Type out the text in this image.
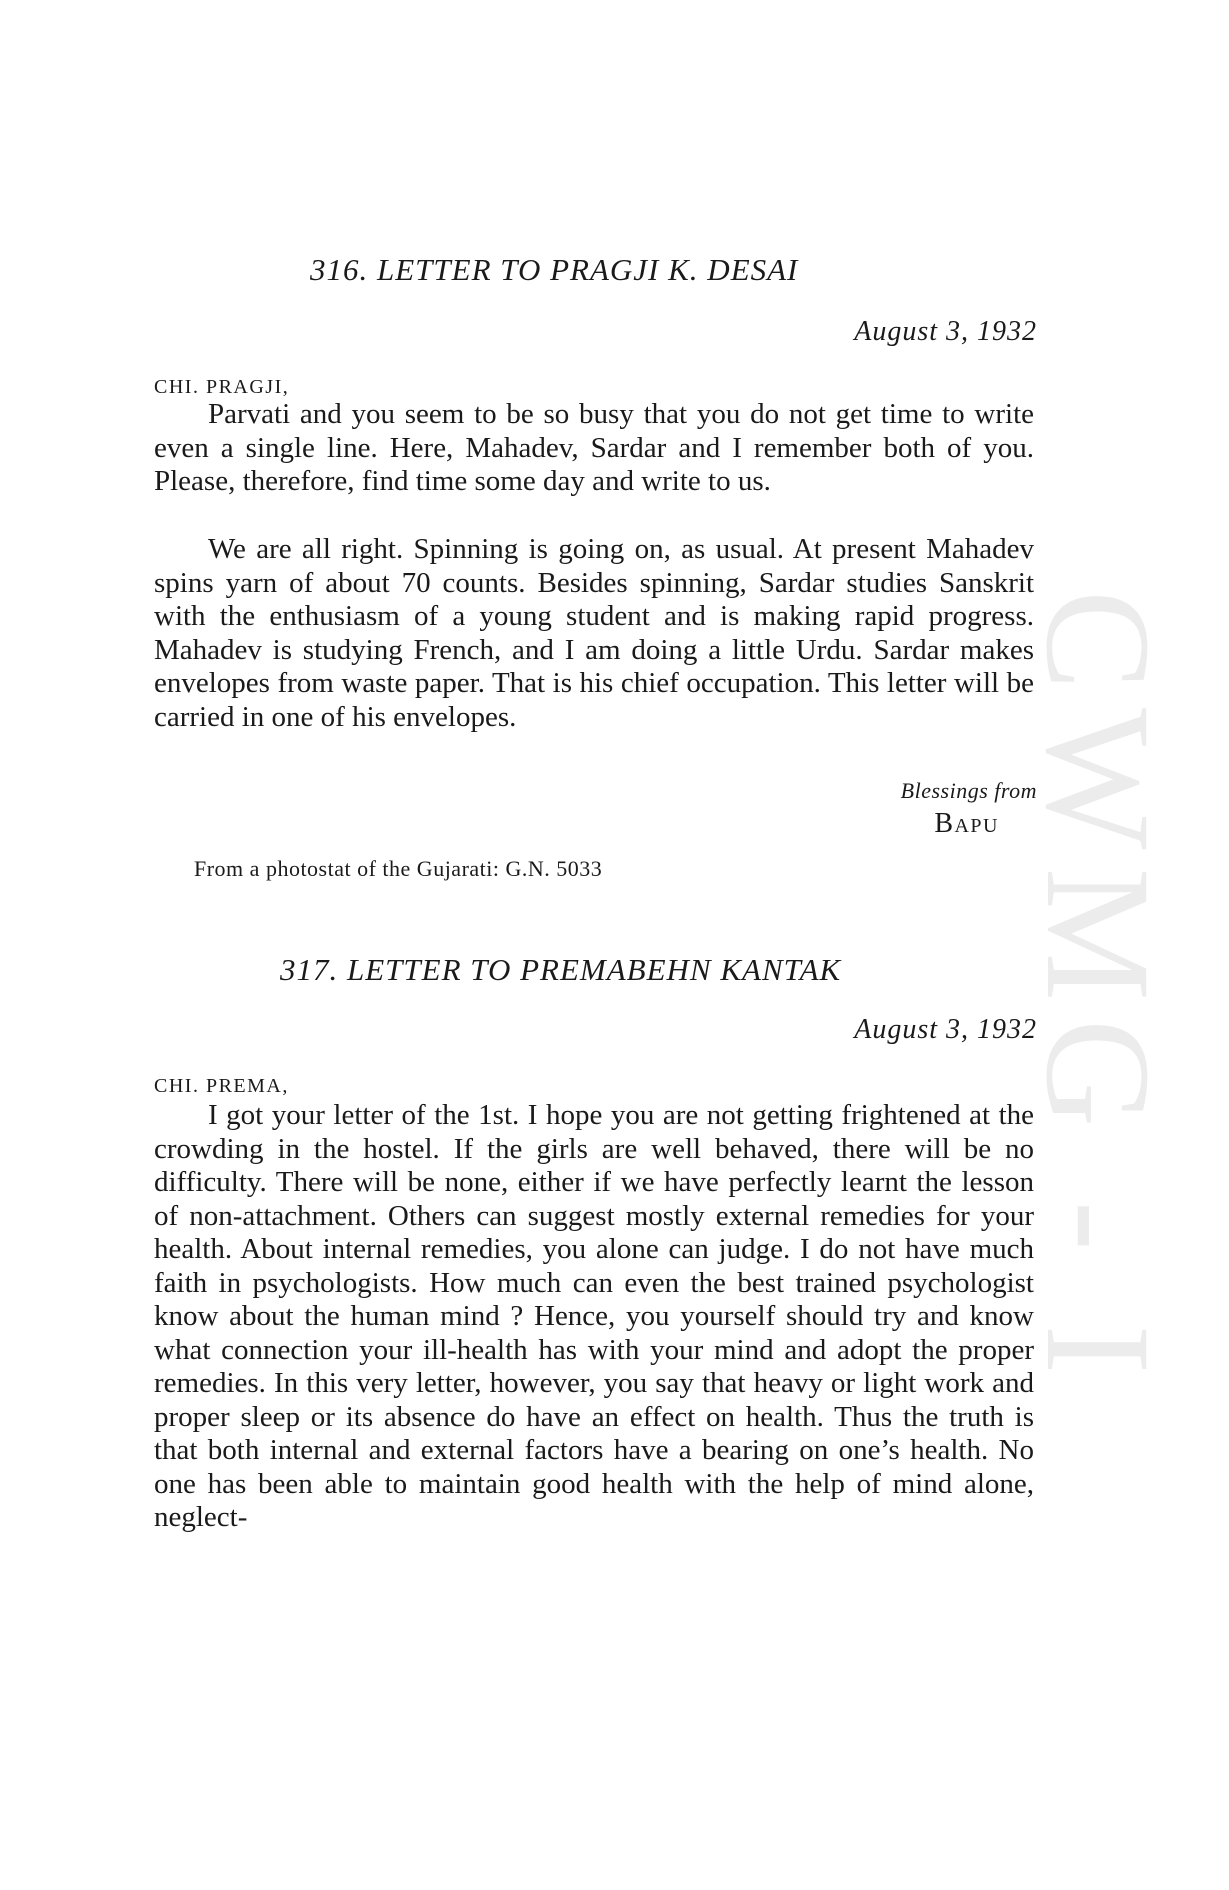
CWMG - I
316. LETTER TO PRAGJI K. DESAI
August 3, 1932
CHI. PRAGJI,

Parvati and you seem to be so busy that you do not get time to write even a single line. Here, Mahadev, Sardar and I remember both of you. Please, therefore, find time some day and write to us.

We are all right. Spinning is going on, as usual. At present Mahadev spins yarn of about 70 counts. Besides spinning, Sardar studies Sanskrit with the enthusiasm of a young student and is making rapid progress. Mahadev is studying French, and I am doing a little Urdu. Sardar makes envelopes from waste paper. That is his chief occupation. This letter will be carried in one of his envelopes.

Blessings from
Bapu
From a photostat of the Gujarati: G.N. 5033
317. LETTER TO PREMABEHN KANTAK
August 3, 1932
CHI. PREMA,

I got your letter of the 1st. I hope you are not getting frightened at the crowding in the hostel. If the girls are well behaved, there will be no difficulty. There will be none, either if we have perfectly learnt the lesson of non-attachment. Others can suggest mostly external remedies for your health. About internal remedies, you alone can judge. I do not have much faith in psychologists. How much can even the best trained psychologist know about the human mind ? Hence, you yourself should try and know what connection your ill-health has with your mind and adopt the proper remedies. In this very letter, however, you say that heavy or light work and proper sleep or its absence do have an effect on health. Thus the truth is that both internal and external factors have a bearing on one’s health. No one has been able to maintain good health with the help of mind alone, neglect-
